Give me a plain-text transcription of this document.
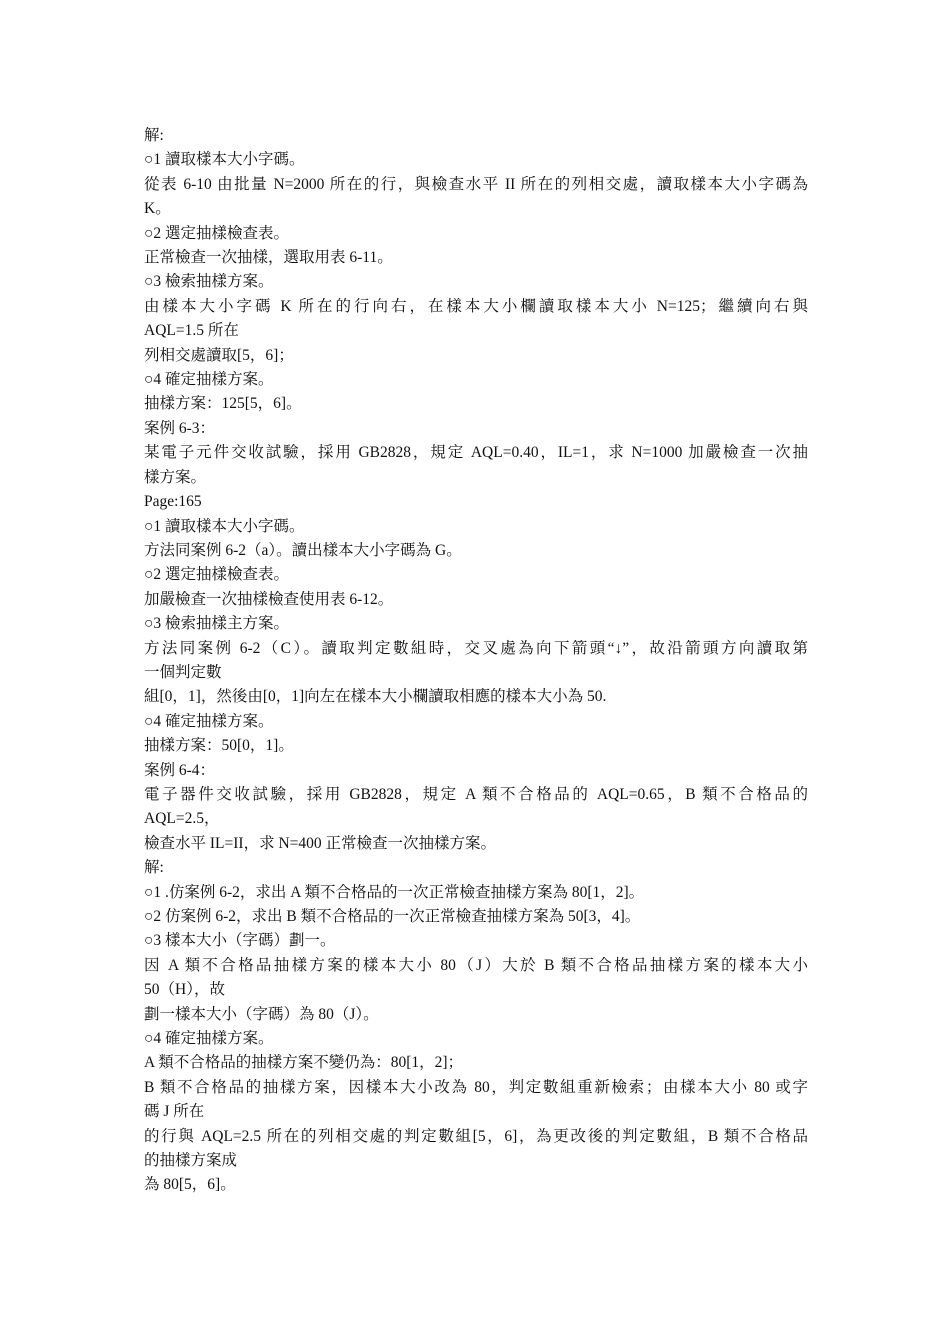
解:

○1 讀取樣本大小字碼。

從表 6-10 由批量 N=2000 所在的行，與檢查水平 II 所在的列相交處，讀取樣本大小字碼為

K。

○2 選定抽樣檢查表。

正常檢查一次抽樣，選取用表 6-11。

○3 檢索抽樣方案。

由樣本大小字碼 K 所在的行向右，在樣本大小欄讀取樣本大小 N=125；繼續向右與

AQL=1.5 所在

列相交處讀取[5，6]；

○4 確定抽樣方案。

抽樣方案：125[5，6]。

案例 6-3：

某電子元件交收試驗，採用 GB2828，規定 AQL=0.40，IL=1，求 N=1000 加嚴檢查一次抽

樣方案。

Page:165

○1 讀取樣本大小字碼。

方法同案例 6-2（a）。讀出樣本大小字碼為 G。

○2 選定抽樣檢查表。

加嚴檢查一次抽樣檢查使用表 6-12。

○3 檢索抽樣主方案。

方法同案例 6-2（C）。讀取判定數組時，交叉處為向下箭頭“↓”，故沿箭頭方向讀取第

一個判定數

組[0，1]，然後由[0，1]向左在樣本大小欄讀取相應的樣本大小為 50.

○4 確定抽樣方案。

抽樣方案：50[0，1]。

案例 6-4：

電子器件交收試驗，採用 GB2828，規定 A 類不合格品的 AQL=0.65，B 類不合格品的

AQL=2.5，

檢查水平 IL=II，求 N=400 正常檢查一次抽樣方案。

解:

○1 .仿案例 6-2，求出 A 類不合格品的一次正常檢查抽樣方案為 80[1，2]。

○2 仿案例 6-2，求出 B 類不合格品的一次正常檢查抽樣方案為 50[3，4]。

○3 樣本大小（字碼）劃一。

因 A 類不合格品抽樣方案的樣本大小 80（J）大於 B 類不合格品抽樣方案的樣本大小

50（H），故

劃一樣本大小（字碼）為 80（J）。

○4 確定抽樣方案。

A 類不合格品的抽樣方案不變仍為：80[1，2]；

B 類不合格品的抽樣方案，因樣本大小改為 80，判定數組重新檢索；由樣本大小 80 或字

碼 J 所在

的行與 AQL=2.5 所在的列相交處的判定數組[5，6]，為更改後的判定數組，B 類不合格品

的抽樣方案成

為 80[5，6]。
